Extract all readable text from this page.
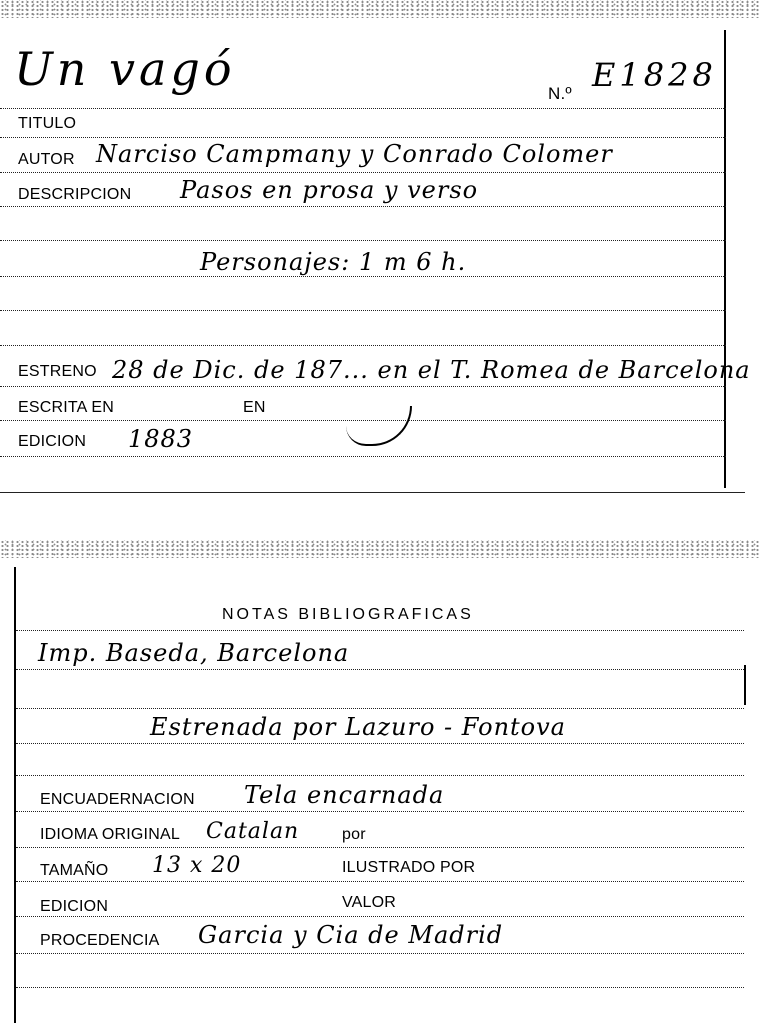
Un vagó	N.º E1828
TITULO
AUTOR Narciso Campmany y Conrado Colomer
DESCRIPCION Pasos en prosa y verso
Personajes: 1 m 6 h.
ESTRENO 28 de Dic. de 187... en el T. Romea de Barcelona
ESCRITA EN	EN
EDICION 1883
NOTAS BIBLIOGRAFICAS
Imp. Baseda, Barcelona
Estrenada por Lazuro - Fontova
ENCUADERNACION Tela encarnada
IDIOMA ORIGINAL Catalan	por
TAMAÑO 13 x 20	ILUSTRADO POR
EDICION	VALOR
PROCEDENCIA Garcia y Cia de Madrid
